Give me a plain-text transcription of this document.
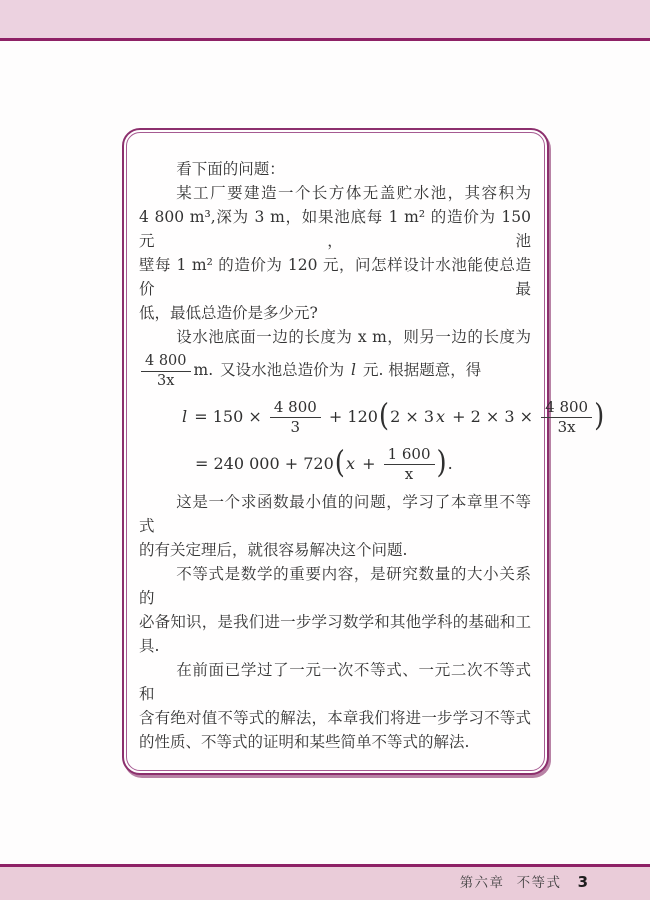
看下面的问题：

某工厂要建造一个长方体无盖贮水池，其容积为

4 800 m³,深为 3 m，如果池底每 1 m² 的造价为 150 元，池

壁每 1 m² 的造价为 120 元，问怎样设计水池能使总造价最

低，最低总造价是多少元?

设水池底面一边的长度为 x m，则另一边的长度为

$\frac{4 800}{3x} m$. 又设水池总造价为 l 元. 根据题意，得

$l = 150 \times \frac{4 800}{3} + 120(2 \times 3$ $x + 2 \times 3 \times \frac{4 800}{3x}$ )

= 240 $000 + 720(x + \frac{1 600}{x}$ ).

这是一个求函数最小值的问题，学习了本章里不等式

的有关定理后，就很容易解决这个问题.

不等式是数学的重要内容，是研究数量的大小关系的

必备知识，是我们进一步学习数学和其他学科的基础和工

具.

在前面已学过了一元一次不等式、一元二次不等式和

含有绝对值不等式的解法，本章我们将进一步学习不等式

的性质、不等式的证明和某些简单不等式的解法.

第六章 不等式 3
